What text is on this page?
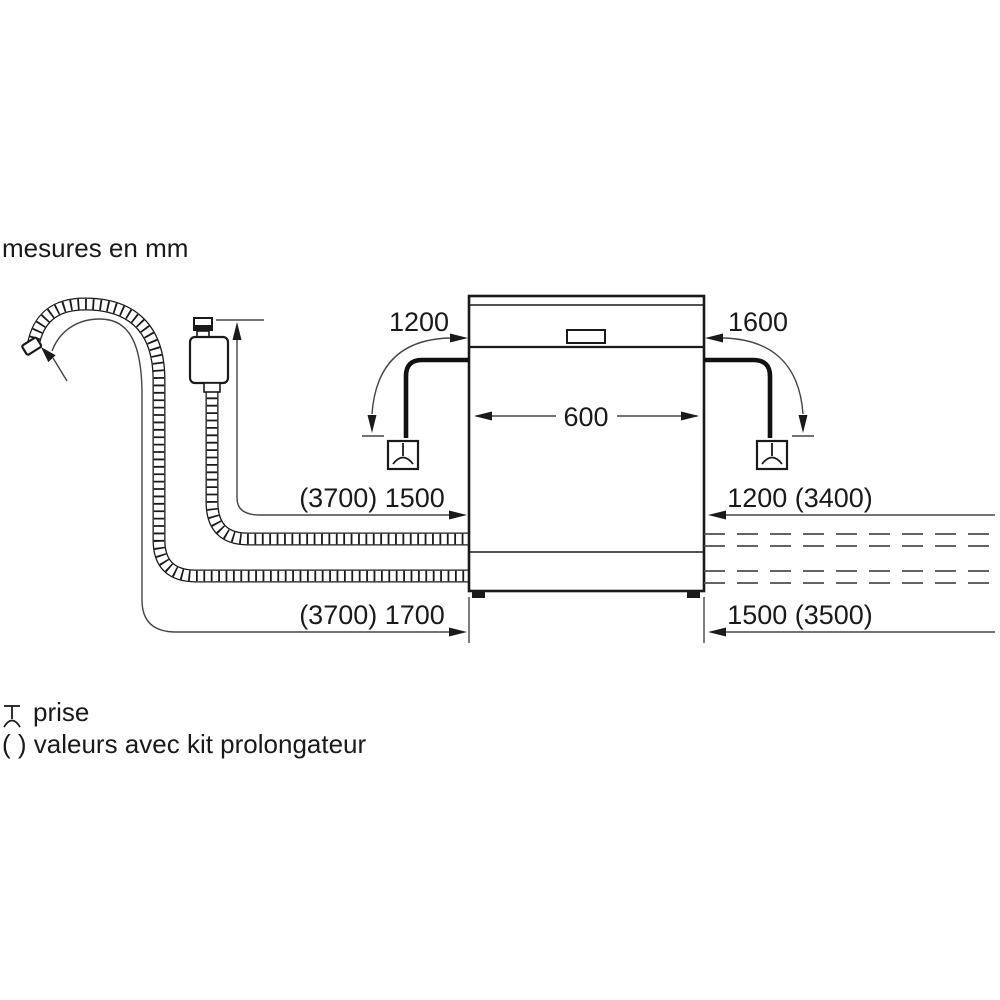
mesures en mm
600
1200	1600
(3700) 1500
(3700) 1700
1200 (3400)
1500 (3500)
prise
( ) valeurs avec kit prolongateur
